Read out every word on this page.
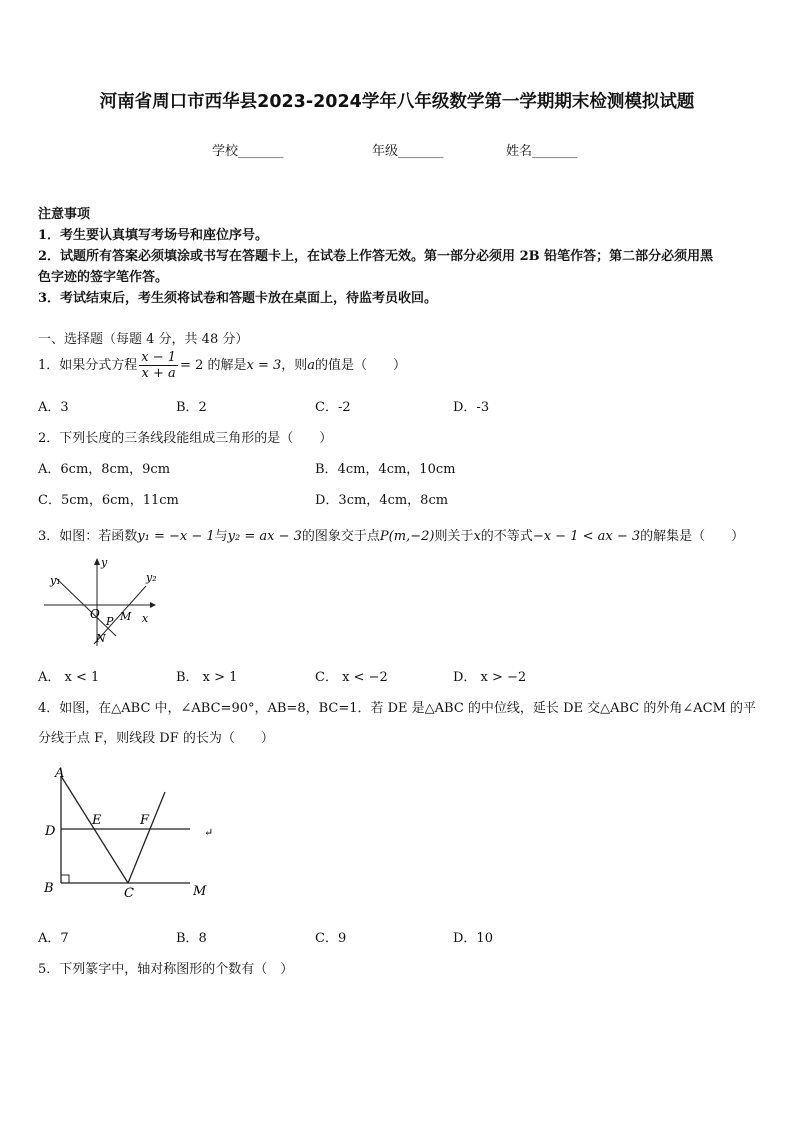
河南省周口市西华县2023-2024学年八年级数学第一学期期末检测模拟试题
学校_______	年级_______	姓名_______
注意事项
1．考生要认真填写考场号和座位序号。
2．试题所有答案必须填涂或书写在答题卡上，在试卷上作答无效。第一部分必须用 2B 铅笔作答；第二部分必须用黑
色字迹的签字笔作答。
3．考试结束后，考生须将试卷和答题卡放在桌面上，待监考员收回。
一、选择题（每题 4 分，共 48 分）
1．如果分式方程 $\frac{x - 1}{x + a} = 2$ 的解是x = 3，则a的值是（　　）
A．3	B．2	C．-2	D．-3
2．下列长度的三条线段能组成三角形的是（　　）
A．6cm，8cm，9cm	B．4cm，4cm，10cm
C．5cm，6cm，11cm	D．3cm，4cm，8cm
3．如图：若函数y₁ = −x − 1与y₂ = ax − 3的图象交于点P(m,−2)则关于x的不等式−x − 1 < ax − 3的解集是（　　）
y₁
y
y₂
O
P M x
N
A． x < 1	B． x > 1	C． x < −2	D． x > −2
4．如图，在△ABC 中，∠ABC=90°，AB=8，BC=1．若 DE 是△ABC 的中位线，延长 DE 交△ABC 的外角∠ACM 的平
分线于点 F，则线段 DF 的长为（　　）
A
D
E	F
B	C	M
↵
A．7	B．8	C．9	D．10
5．下列篆字中，轴对称图形的个数有（　）
